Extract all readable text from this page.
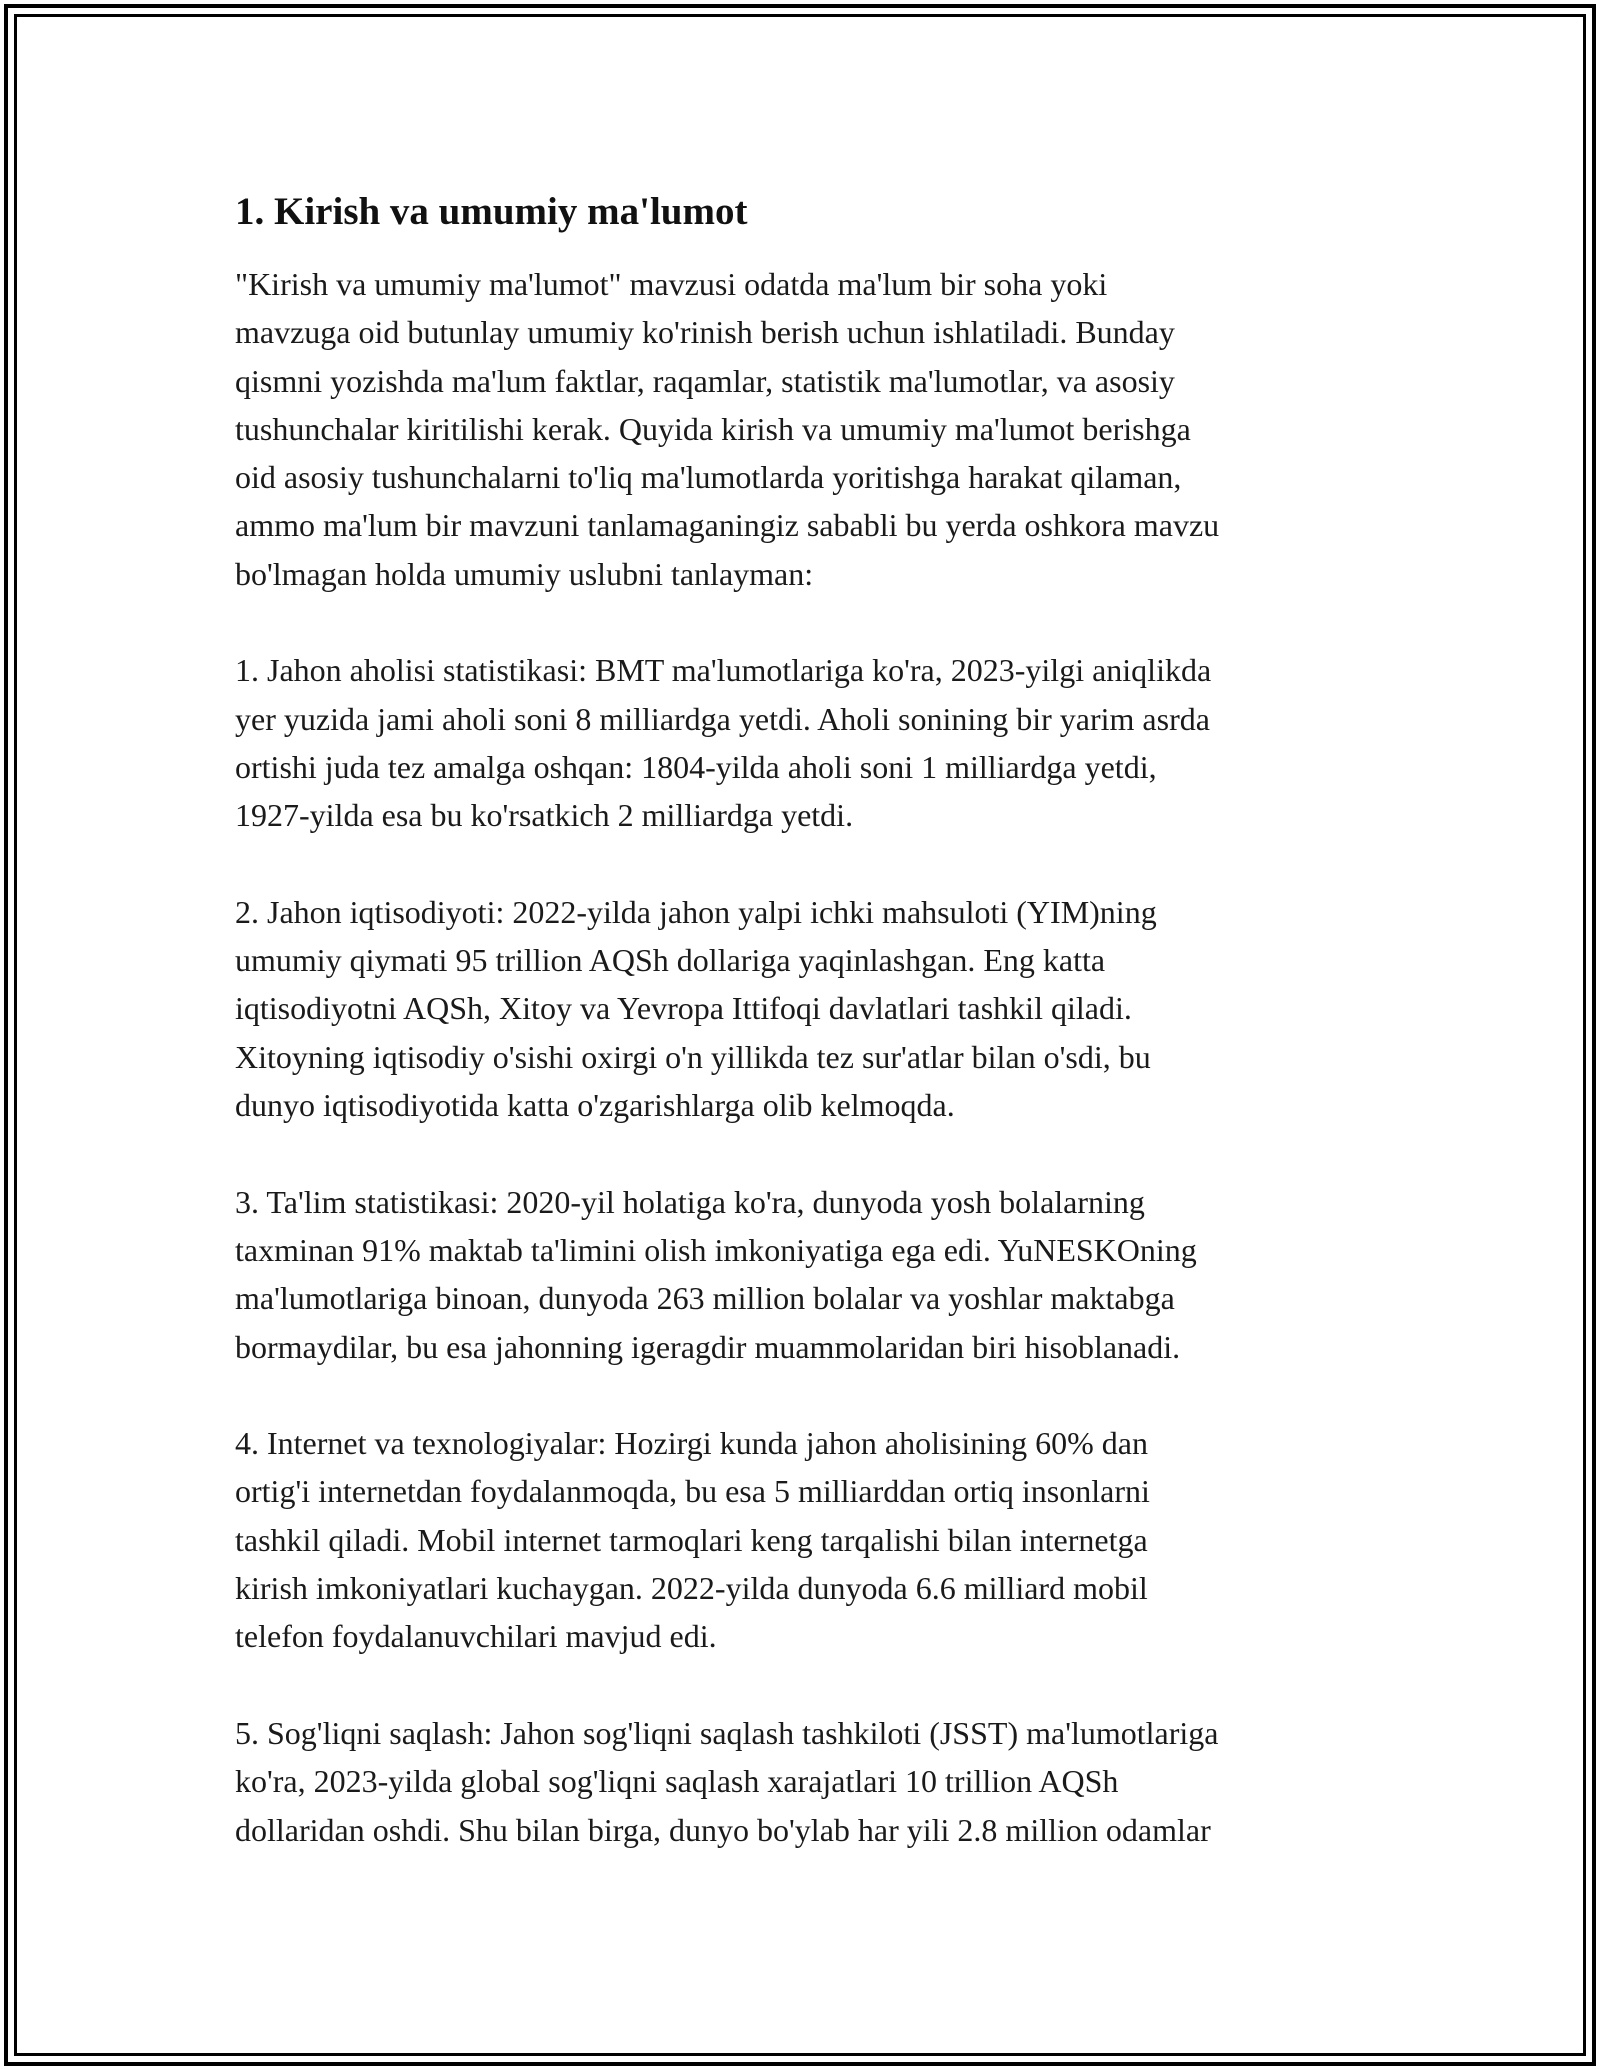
1. Kirish va umumiy ma'lumot
"Kirish va umumiy ma'lumot" mavzusi odatda ma'lum bir soha yoki
mavzuga oid butunlay umumiy ko'rinish berish uchun ishlatiladi. Bunday
qismni yozishda ma'lum faktlar, raqamlar, statistik ma'lumotlar, va asosiy
tushunchalar kiritilishi kerak. Quyida kirish va umumiy ma'lumot berishga
oid asosiy tushunchalarni to'liq ma'lumotlarda yoritishga harakat qilaman,
ammo ma'lum bir mavzuni tanlamaganingiz sababli bu yerda oshkora mavzu
bo'lmagan holda umumiy uslubni tanlayman:
1. Jahon aholisi statistikasi: BMT ma'lumotlariga ko'ra, 2023-yilgi aniqlikda
yer yuzida jami aholi soni 8 milliardga yetdi. Aholi sonining bir yarim asrda
ortishi juda tez amalga oshqan: 1804-yilda aholi soni 1 milliardga yetdi,
1927-yilda esa bu ko'rsatkich 2 milliardga yetdi.
2. Jahon iqtisodiyoti: 2022-yilda jahon yalpi ichki mahsuloti (YIM)ning
umumiy qiymati 95 trillion AQSh dollariga yaqinlashgan. Eng katta
iqtisodiyotni AQSh, Xitoy va Yevropa Ittifoqi davlatlari tashkil qiladi.
Xitoyning iqtisodiy o'sishi oxirgi o'n yillikda tez sur'atlar bilan o'sdi, bu
dunyo iqtisodiyotida katta o'zgarishlarga olib kelmoqda.
3. Ta'lim statistikasi: 2020-yil holatiga ko'ra, dunyoda yosh bolalarning
taxminan 91% maktab ta'limini olish imkoniyatiga ega edi. YuNESKOning
ma'lumotlariga binoan, dunyoda 263 million bolalar va yoshlar maktabga
bormaydilar, bu esa jahonning igeragdir muammolaridan biri hisoblanadi.
4. Internet va texnologiyalar: Hozirgi kunda jahon aholisining 60% dan
ortig'i internetdan foydalanmoqda, bu esa 5 milliarddan ortiq insonlarni
tashkil qiladi. Mobil internet tarmoqlari keng tarqalishi bilan internetga
kirish imkoniyatlari kuchaygan. 2022-yilda dunyoda 6.6 milliard mobil
telefon foydalanuvchilari mavjud edi.
5. Sog'liqni saqlash: Jahon sog'liqni saqlash tashkiloti (JSST) ma'lumotlariga
ko'ra, 2023-yilda global sog'liqni saqlash xarajatlari 10 trillion AQSh
dollaridan oshdi. Shu bilan birga, dunyo bo'ylab har yili 2.8 million odamlar
